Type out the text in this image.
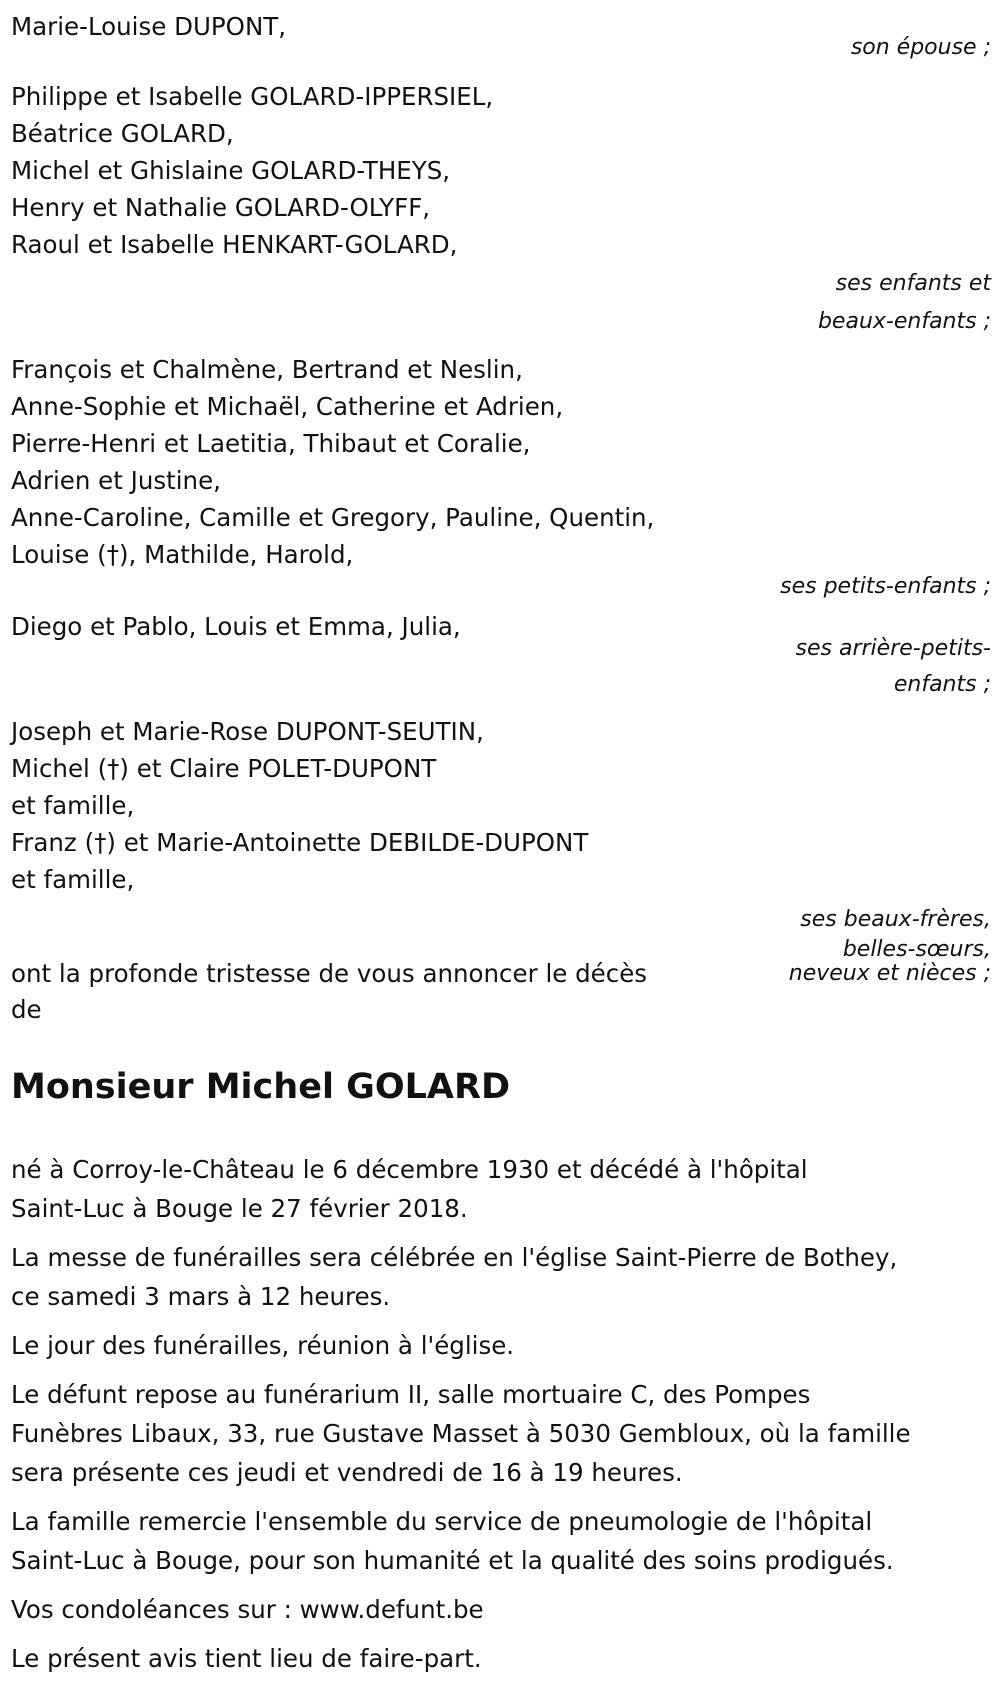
Marie-Louise DUPONT,
son épouse ;
Philippe et Isabelle GOLARD-IPPERSIEL,
Béatrice GOLARD,
Michel et Ghislaine GOLARD-THEYS,
Henry et Nathalie GOLARD-OLYFF,
Raoul et Isabelle HENKART-GOLARD,
ses enfants et
beaux-enfants ;
François et Chalmène, Bertrand et Neslin,
Anne-Sophie et Michaël, Catherine et Adrien,
Pierre-Henri et Laetitia, Thibaut et Coralie,
Adrien et Justine,
Anne-Caroline, Camille et Gregory, Pauline, Quentin,
Louise (†), Mathilde, Harold,
ses petits-enfants ;
Diego et Pablo, Louis et Emma, Julia,
ses arrière-petits-
enfants ;
Joseph et Marie-Rose DUPONT-SEUTIN,
Michel (†) et Claire POLET-DUPONT
et famille,
Franz (†) et Marie-Antoinette DEBILDE-DUPONT
et famille,
ses beaux-frères,
ont la profonde tristesse de vous annoncer le décès
de
belles-sœurs,
neveux et nièces ;
Monsieur Michel GOLARD
né à Corroy-le-Château le 6 décembre 1930 et décédé à l'hôpital
Saint-Luc à Bouge le 27 février 2018.
La messe de funérailles sera célébrée en l'église Saint-Pierre de Bothey,
ce samedi 3 mars à 12 heures.
Le jour des funérailles, réunion à l'église.
Le défunt repose au funérarium II, salle mortuaire C, des Pompes
Funèbres Libaux, 33, rue Gustave Masset à 5030 Gembloux, où la famille
sera présente ces jeudi et vendredi de 16 à 19 heures.
La famille remercie l'ensemble du service de pneumologie de l'hôpital
Saint-Luc à Bouge, pour son humanité et la qualité des soins prodigués.
Vos condoléances sur : www.defunt.be
Le présent avis tient lieu de faire-part.
